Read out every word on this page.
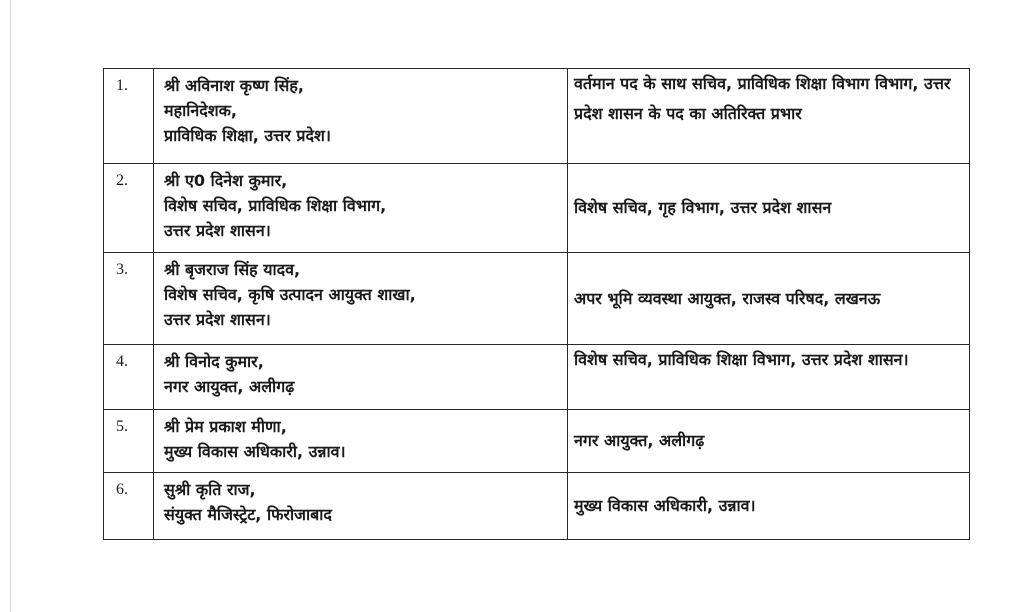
1.	श्री अविनाश कृष्ण सिंह,
महानिदेशक,
प्राविधिक शिक्षा, उत्तर प्रदेश।	वर्तमान पद के साथ सचिव, प्राविधिक शिक्षा विभाग विभाग, उत्तर प्रदेश शासन के पद का अतिरिक्त प्रभार

2.	श्री ए0 दिनेश कुमार,
विशेष सचिव, प्राविधिक शिक्षा विभाग,
उत्तर प्रदेश शासन।	विशेष सचिव, गृह विभाग, उत्तर प्रदेश शासन

3.	श्री बृजराज सिंह यादव,
विशेष सचिव, कृषि उत्पादन आयुक्त शाखा,
उत्तर प्रदेश शासन।	अपर भूमि व्यवस्था आयुक्त, राजस्व परिषद, लखनऊ

4.	श्री विनोद कुमार,
नगर आयुक्त, अलीगढ़	विशेष सचिव, प्राविधिक शिक्षा विभाग, उत्तर प्रदेश शासन।

5.	श्री प्रेम प्रकाश मीणा,
मुख्य विकास अधिकारी, उन्नाव।	नगर आयुक्त, अलीगढ़

6.	सुश्री कृति राज,
संयुक्त मैजिस्ट्रेट, फिरोजाबाद	मुख्य विकास अधिकारी, उन्नाव।
